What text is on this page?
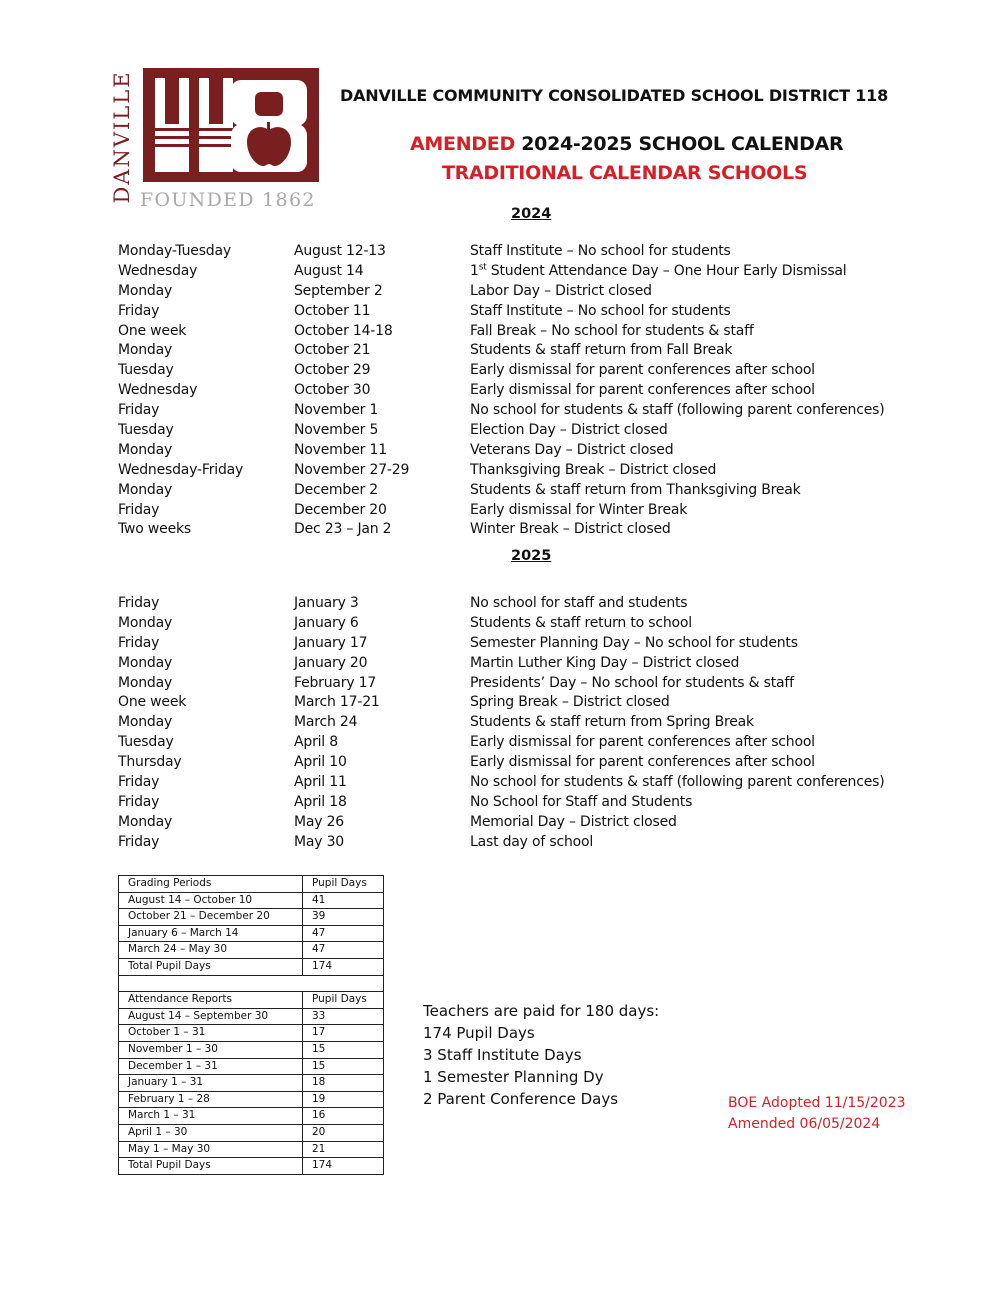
DANVILLE FOUNDED 1862
DANVILLE COMMUNITY CONSOLIDATED SCHOOL DISTRICT 118
AMENDED 2024-2025 SCHOOL CALENDAR
TRADITIONAL CALENDAR SCHOOLS
2024
Monday-Tuesday	August 12-13	Staff Institute – No school for students
Wednesday	August 14	1st Student Attendance Day – One Hour Early Dismissal
Monday	September 2	Labor Day – District closed
Friday	October 11	Staff Institute – No school for students
One week	October 14-18	Fall Break – No school for students & staff
Monday	October 21	Students & staff return from Fall Break
Tuesday	October 29	Early dismissal for parent conferences after school
Wednesday	October 30	Early dismissal for parent conferences after school
Friday	November 1	No school for students & staff (following parent conferences)
Tuesday	November 5	Election Day – District closed
Monday	November 11	Veterans Day – District closed
Wednesday-Friday	November 27-29	Thanksgiving Break – District closed
Monday	December 2	Students & staff return from Thanksgiving Break
Friday	December 20	Early dismissal for Winter Break
Two weeks	Dec 23 – Jan 2	Winter Break – District closed
2025
Friday	January 3	No school for staff and students
Monday	January 6	Students & staff return to school
Friday	January 17	Semester Planning Day – No school for students
Monday	January 20	Martin Luther King Day – District closed
Monday	February 17	Presidents’ Day – No school for students & staff
One week	March 17-21	Spring Break – District closed
Monday	March 24	Students & staff return from Spring Break
Tuesday	April 8	Early dismissal for parent conferences after school
Thursday	April 10	Early dismissal for parent conferences after school
Friday	April 11	No school for students & staff (following parent conferences)
Friday	April 18	No School for Staff and Students
Monday	May 26	Memorial Day – District closed
Friday	May 30	Last day of school
Grading Periods	Pupil Days
August 14 – October 10	41
October 21 – December 20	39
January 6 – March 14	47
March 24 – May 30	47
Total Pupil Days	174

Attendance Reports	Pupil Days
August 14 – September 30	33
October 1 – 31	17
November 1 – 30	15
December 1 – 31	15
January 1 – 31	18
February 1 – 28	19
March 1 – 31	16
April 1 – 30	20
May 1 – May 30	21
Total Pupil Days	174
Teachers are paid for 180 days:
174 Pupil Days
3 Staff Institute Days
1 Semester Planning Dy
2 Parent Conference Days	BOE Adopted 11/15/2023
Amended 06/05/2024
